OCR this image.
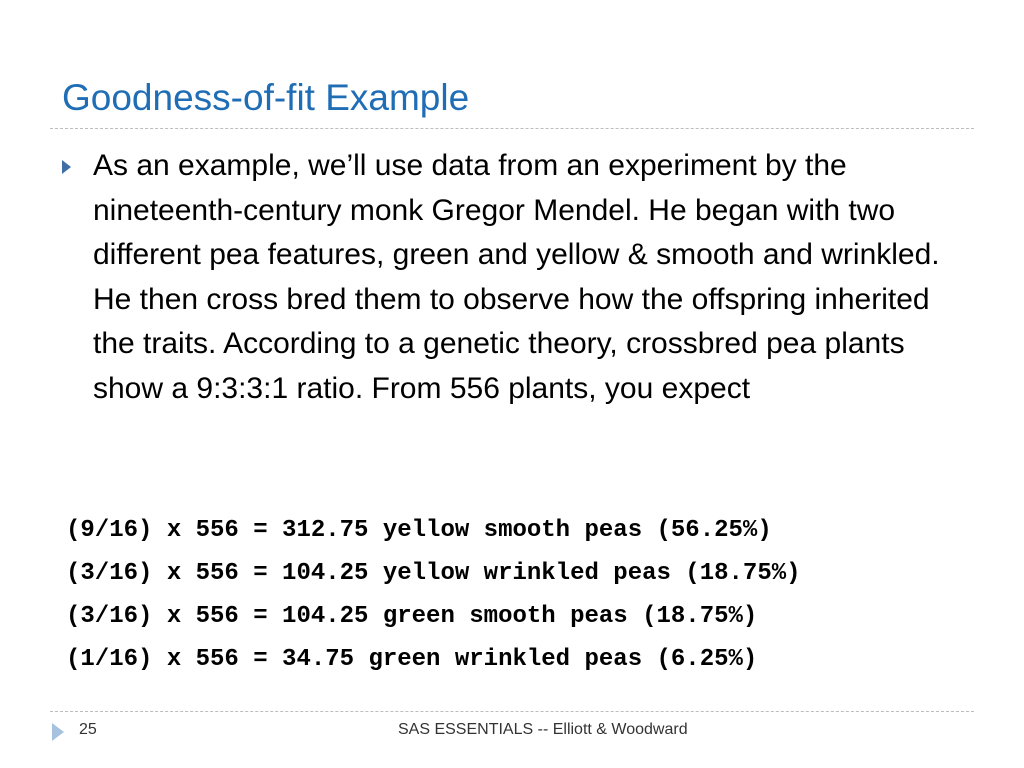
Goodness-of-fit Example

As an example, we’ll use data from an experiment by the nineteenth-century monk Gregor Mendel. He began with two different pea features, green and yellow & smooth and wrinkled. He then cross bred them to observe how the offspring inherited the traits. According to a genetic theory, crossbred pea plants show a 9:3:3:1 ratio. From 556 plants, you expect

(9/16) x 556 = 312.75 yellow smooth peas (56.25%)
(3/16) x 556 = 104.25 yellow wrinkled peas (18.75%)
(3/16) x 556 = 104.25 green smooth peas (18.75%)
(1/16) x 556 = 34.75 green wrinkled peas (6.25%)
25	SAS ESSENTIALS -- Elliott & Woodward
